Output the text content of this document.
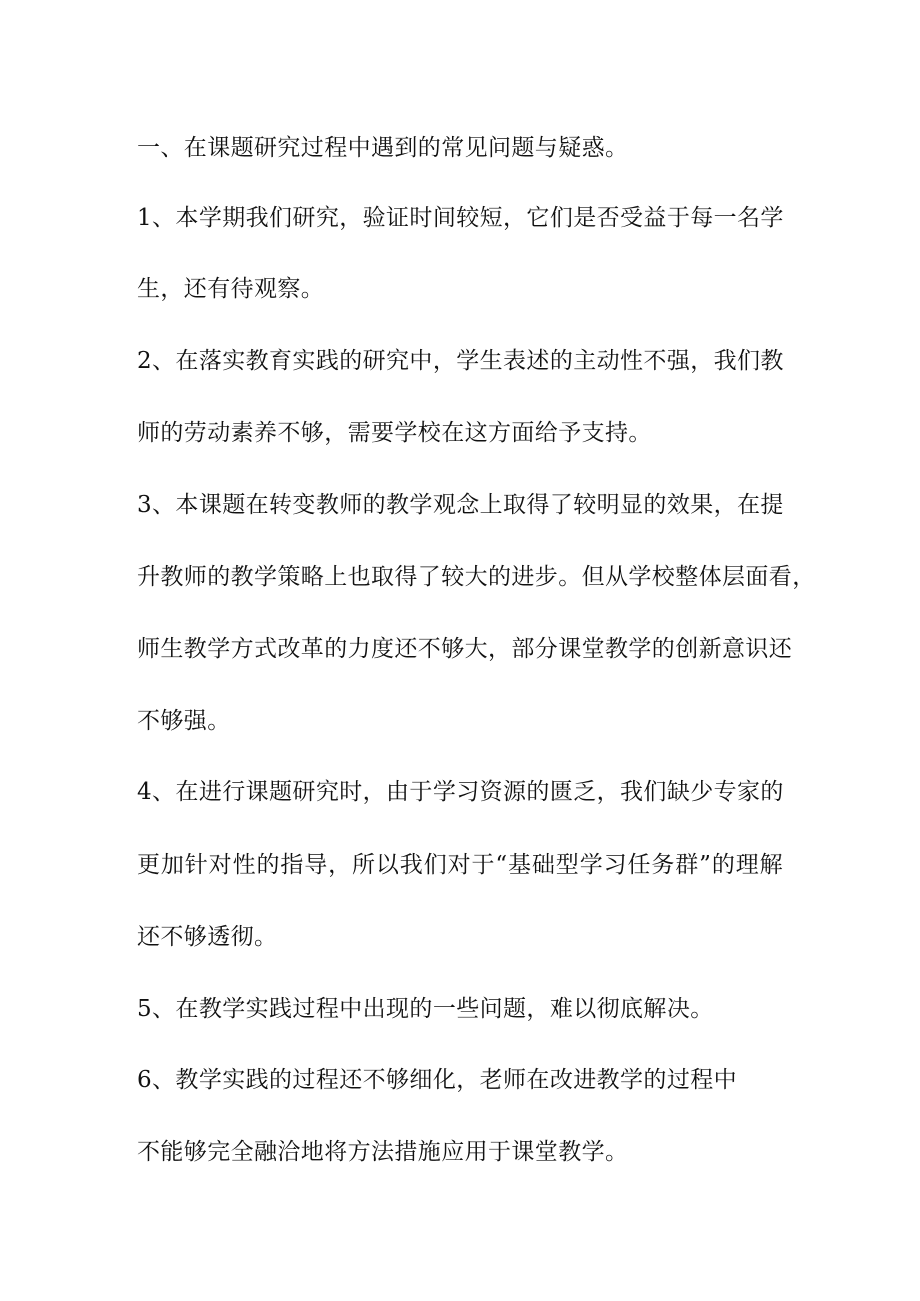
一、在课题研究过程中遇到的常见问题与疑惑。
1、本学期我们研究，验证时间较短，它们是否受益于每一名学
生，还有待观察。
2、在落实教育实践的研究中，学生表述的主动性不强，我们教
师的劳动素养不够，需要学校在这方面给予支持。
3、本课题在转变教师的教学观念上取得了较明显的效果，在提
升教师的教学策略上也取得了较大的进步。但从学校整体层面看，
师生教学方式改革的力度还不够大，部分课堂教学的创新意识还
不够强。
4、在进行课题研究时，由于学习资源的匮乏，我们缺少专家的
更加针对性的指导，所以我们对于“基础型学习任务群”的理解
还不够透彻。
5、在教学实践过程中出现的一些问题，难以彻底解决。
6、教学实践的过程还不够细化，老师在改进教学的过程中
不能够完全融洽地将方法措施应用于课堂教学。
